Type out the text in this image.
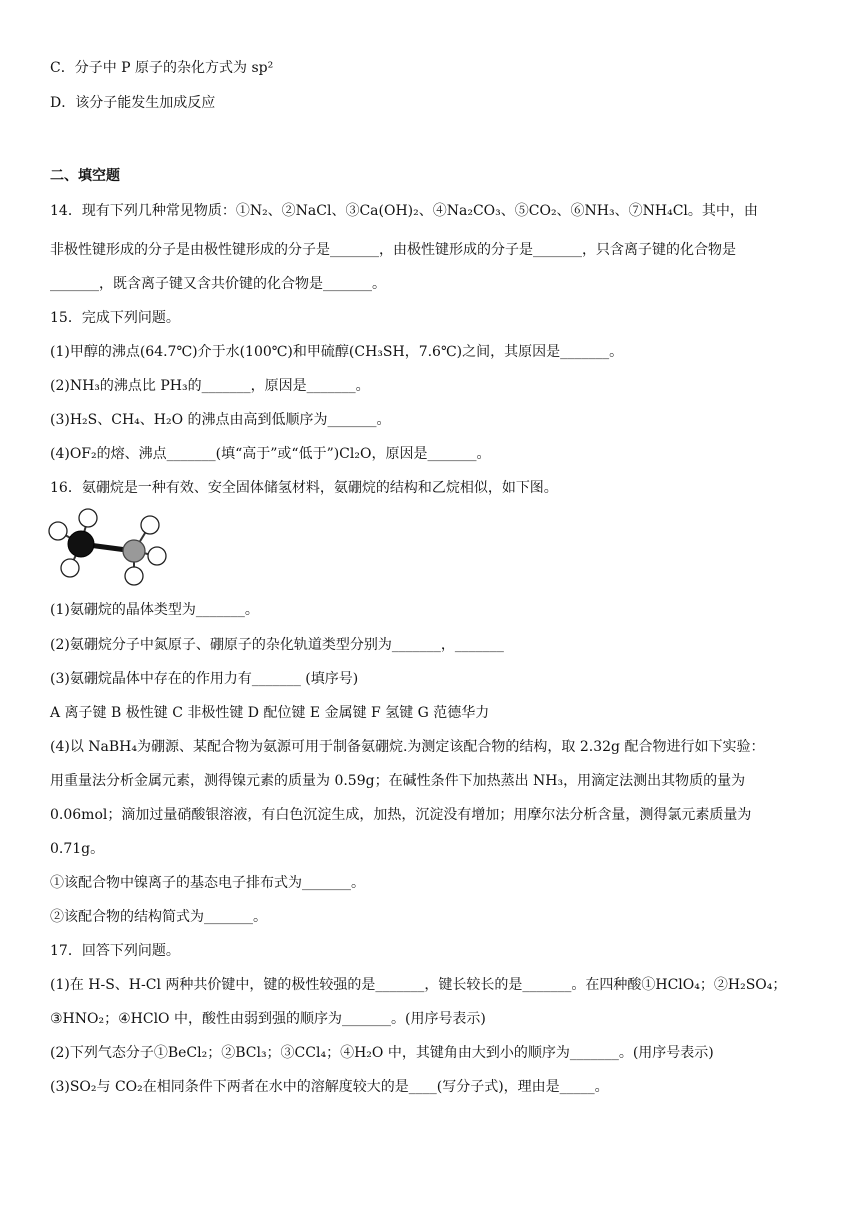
C．分子中 P 原子的杂化方式为 sp²
D．该分子能发生加成反应
二、填空题
14．现有下列几种常见物质：①N₂、②NaCl、③Ca(OH)₂、④Na₂CO₃、⑤CO₂、⑥NH₃、⑦NH₄Cl。其中，由
非极性键形成的分子是由极性键形成的分子是_______，由极性键形成的分子是_______，只含离子键的化合物是
_______，既含离子键又含共价键的化合物是_______。
15．完成下列问题。
(1)甲醇的沸点(64.7℃)介于水(100℃)和甲硫醇(CH₃SH，7.6℃)之间，其原因是_______。
(2)NH₃的沸点比 PH₃的_______，原因是_______。
(3)H₂S、CH₄、H₂O 的沸点由高到低顺序为_______。
(4)OF₂的熔、沸点_______(填“高于”或“低于”)Cl₂O，原因是_______。
16．氨硼烷是一种有效、安全固体储氢材料，氨硼烷的结构和乙烷相似，如下图。
(1)氨硼烷的晶体类型为_______。
(2)氨硼烷分子中氮原子、硼原子的杂化轨道类型分别为_______，_______
(3)氨硼烷晶体中存在的作用力有_______ (填序号)
A 离子键 B 极性键 C 非极性键 D 配位键 E 金属键 F 氢键 G 范德华力
(4)以 NaBH₄为硼源、某配合物为氨源可用于制备氨硼烷.为测定该配合物的结构，取 2.32g 配合物进行如下实验：
用重量法分析金属元素，测得镍元素的质量为 0.59g；在碱性条件下加热蒸出 NH₃，用滴定法测出其物质的量为
0.06mol；滴加过量硝酸银溶液，有白色沉淀生成，加热，沉淀没有增加；用摩尔法分析含量，测得氯元素质量为
0.71g。
①该配合物中镍离子的基态电子排布式为_______。
②该配合物的结构简式为_______。
17．回答下列问题。
(1)在 H-S、H-Cl 两种共价键中，键的极性较强的是_______，键长较长的是_______。在四种酸①HClO₄；②H₂SO₄；
③HNO₂；④HClO 中，酸性由弱到强的顺序为_______。(用序号表示)
(2)下列气态分子①BeCl₂；②BCl₃；③CCl₄；④H₂O 中，其键角由大到小的顺序为_______。(用序号表示)
(3)SO₂与 CO₂在相同条件下两者在水中的溶解度较大的是____(写分子式)，理由是_____。
